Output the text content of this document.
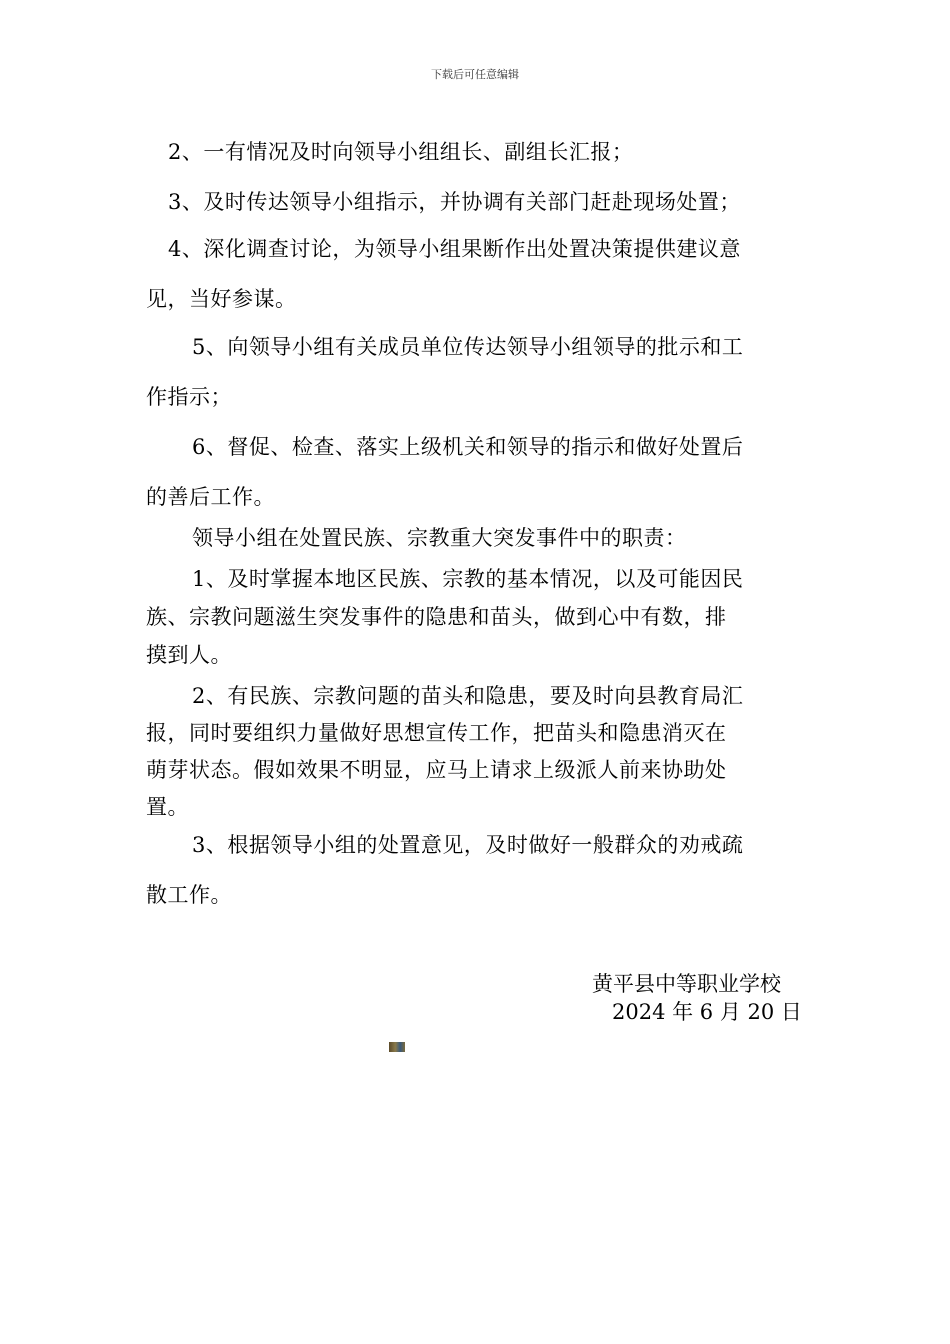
下载后可任意编辑
2、一有情况及时向领导小组组长、副组长汇报；
3、及时传达领导小组指示，并协调有关部门赶赴现场处置；
4、深化调查讨论，为领导小组果断作出处置决策提供建议意
见，当好参谋。
5、向领导小组有关成员单位传达领导小组领导的批示和工
作指示；
6、督促、检查、落实上级机关和领导的指示和做好处置后
的善后工作。
领导小组在处置民族、宗教重大突发事件中的职责：
1、及时掌握本地区民族、宗教的基本情况，以及可能因民
族、宗教问题滋生突发事件的隐患和苗头，做到心中有数，排
摸到人。
2、有民族、宗教问题的苗头和隐患，要及时向县教育局汇
报，同时要组织力量做好思想宣传工作，把苗头和隐患消灭在
萌芽状态。假如效果不明显，应马上请求上级派人前来协助处
置。
3、根据领导小组的处置意见，及时做好一般群众的劝戒疏
散工作。
黄平县中等职业学校
2024 年 6 月 20 日
